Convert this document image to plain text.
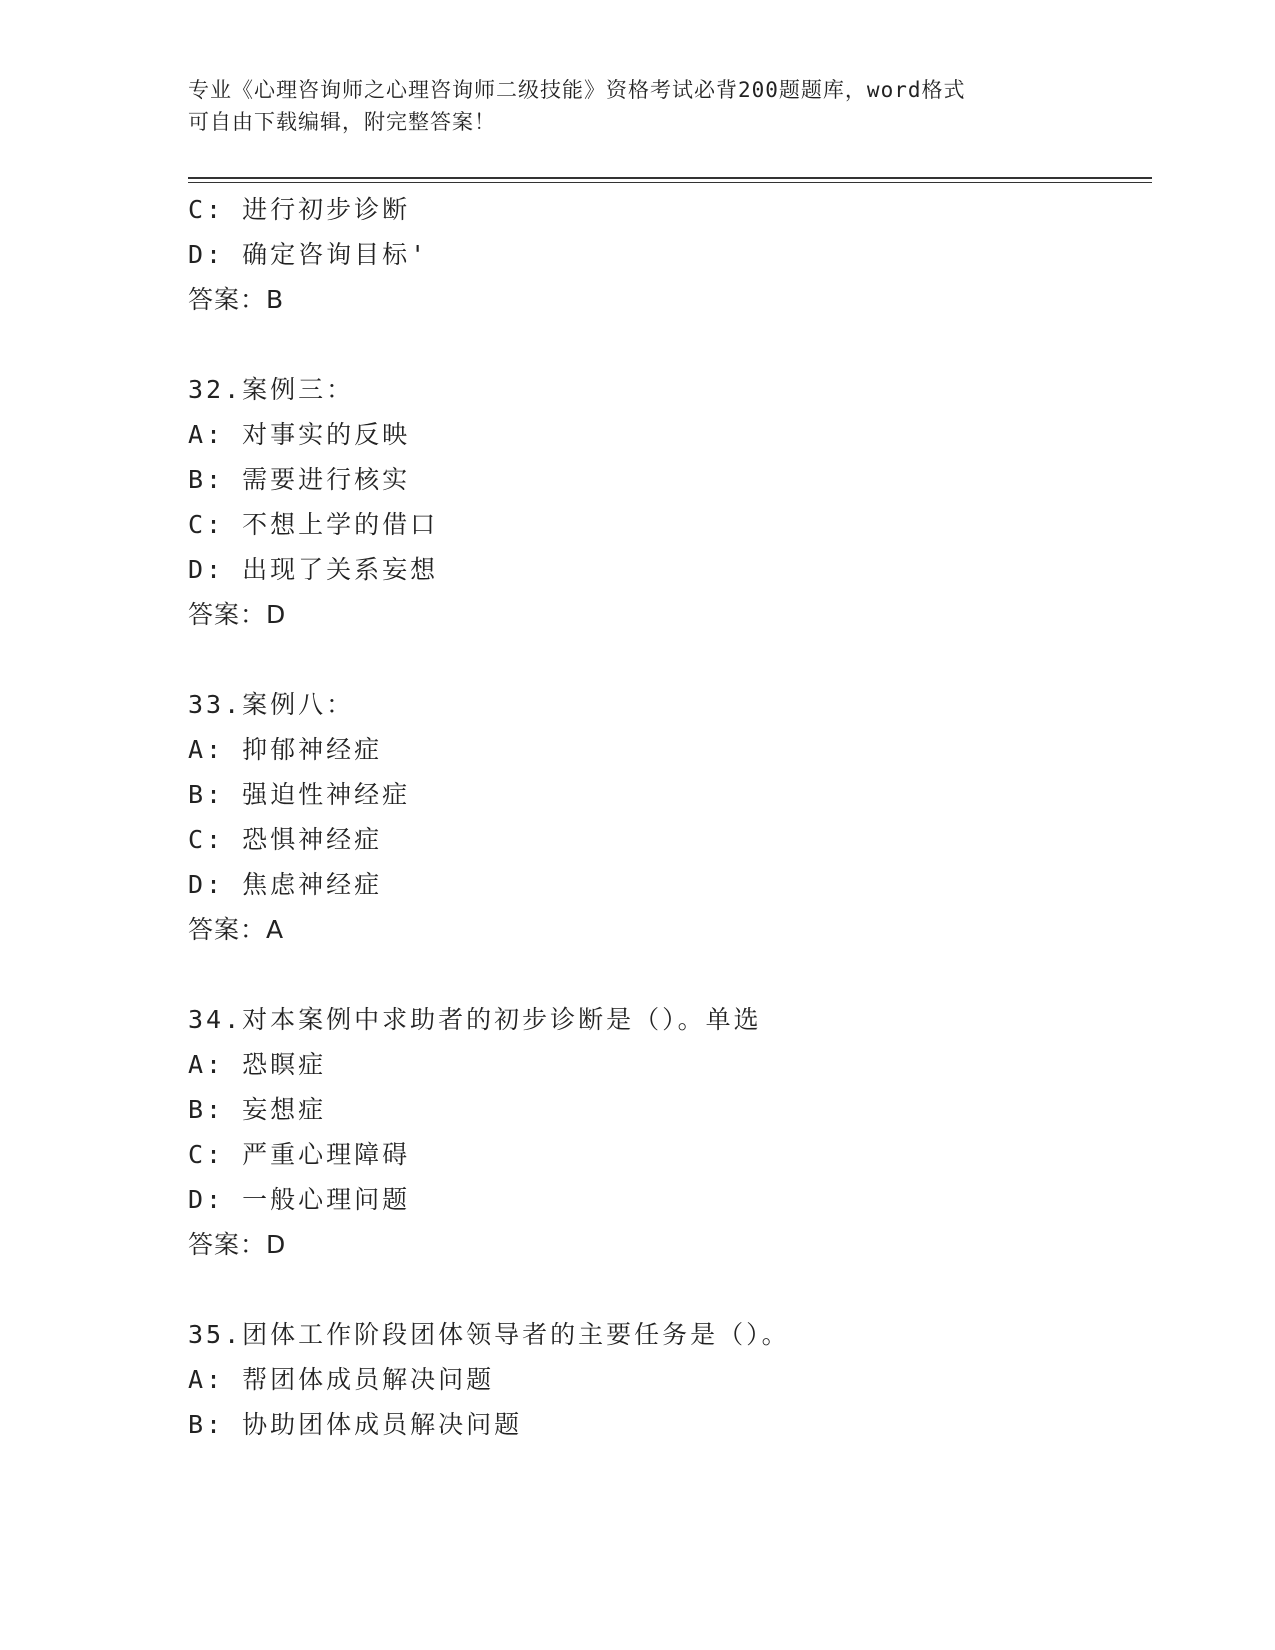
专业《心理咨询师之心理咨询师二级技能》资格考试必背200题题库，word格式
可自由下载编辑，附完整答案！
C: 进行初步诊断
D: 确定咨询目标'
答案：B
32.案例三：
A: 对事实的反映
B: 需要进行核实
C: 不想上学的借口
D: 出现了关系妄想
答案：D
33.案例八：
A: 抑郁神经症
B: 强迫性神经症
C: 恐惧神经症
D: 焦虑神经症
答案：A
34.对本案例中求助者的初步诊断是（）。单选
A: 恐瞑症
B: 妄想症
C: 严重心理障碍
D: 一般心理问题
答案：D
35.团体工作阶段团体领导者的主要任务是（）。
A: 帮团体成员解决问题
B: 协助团体成员解决问题
